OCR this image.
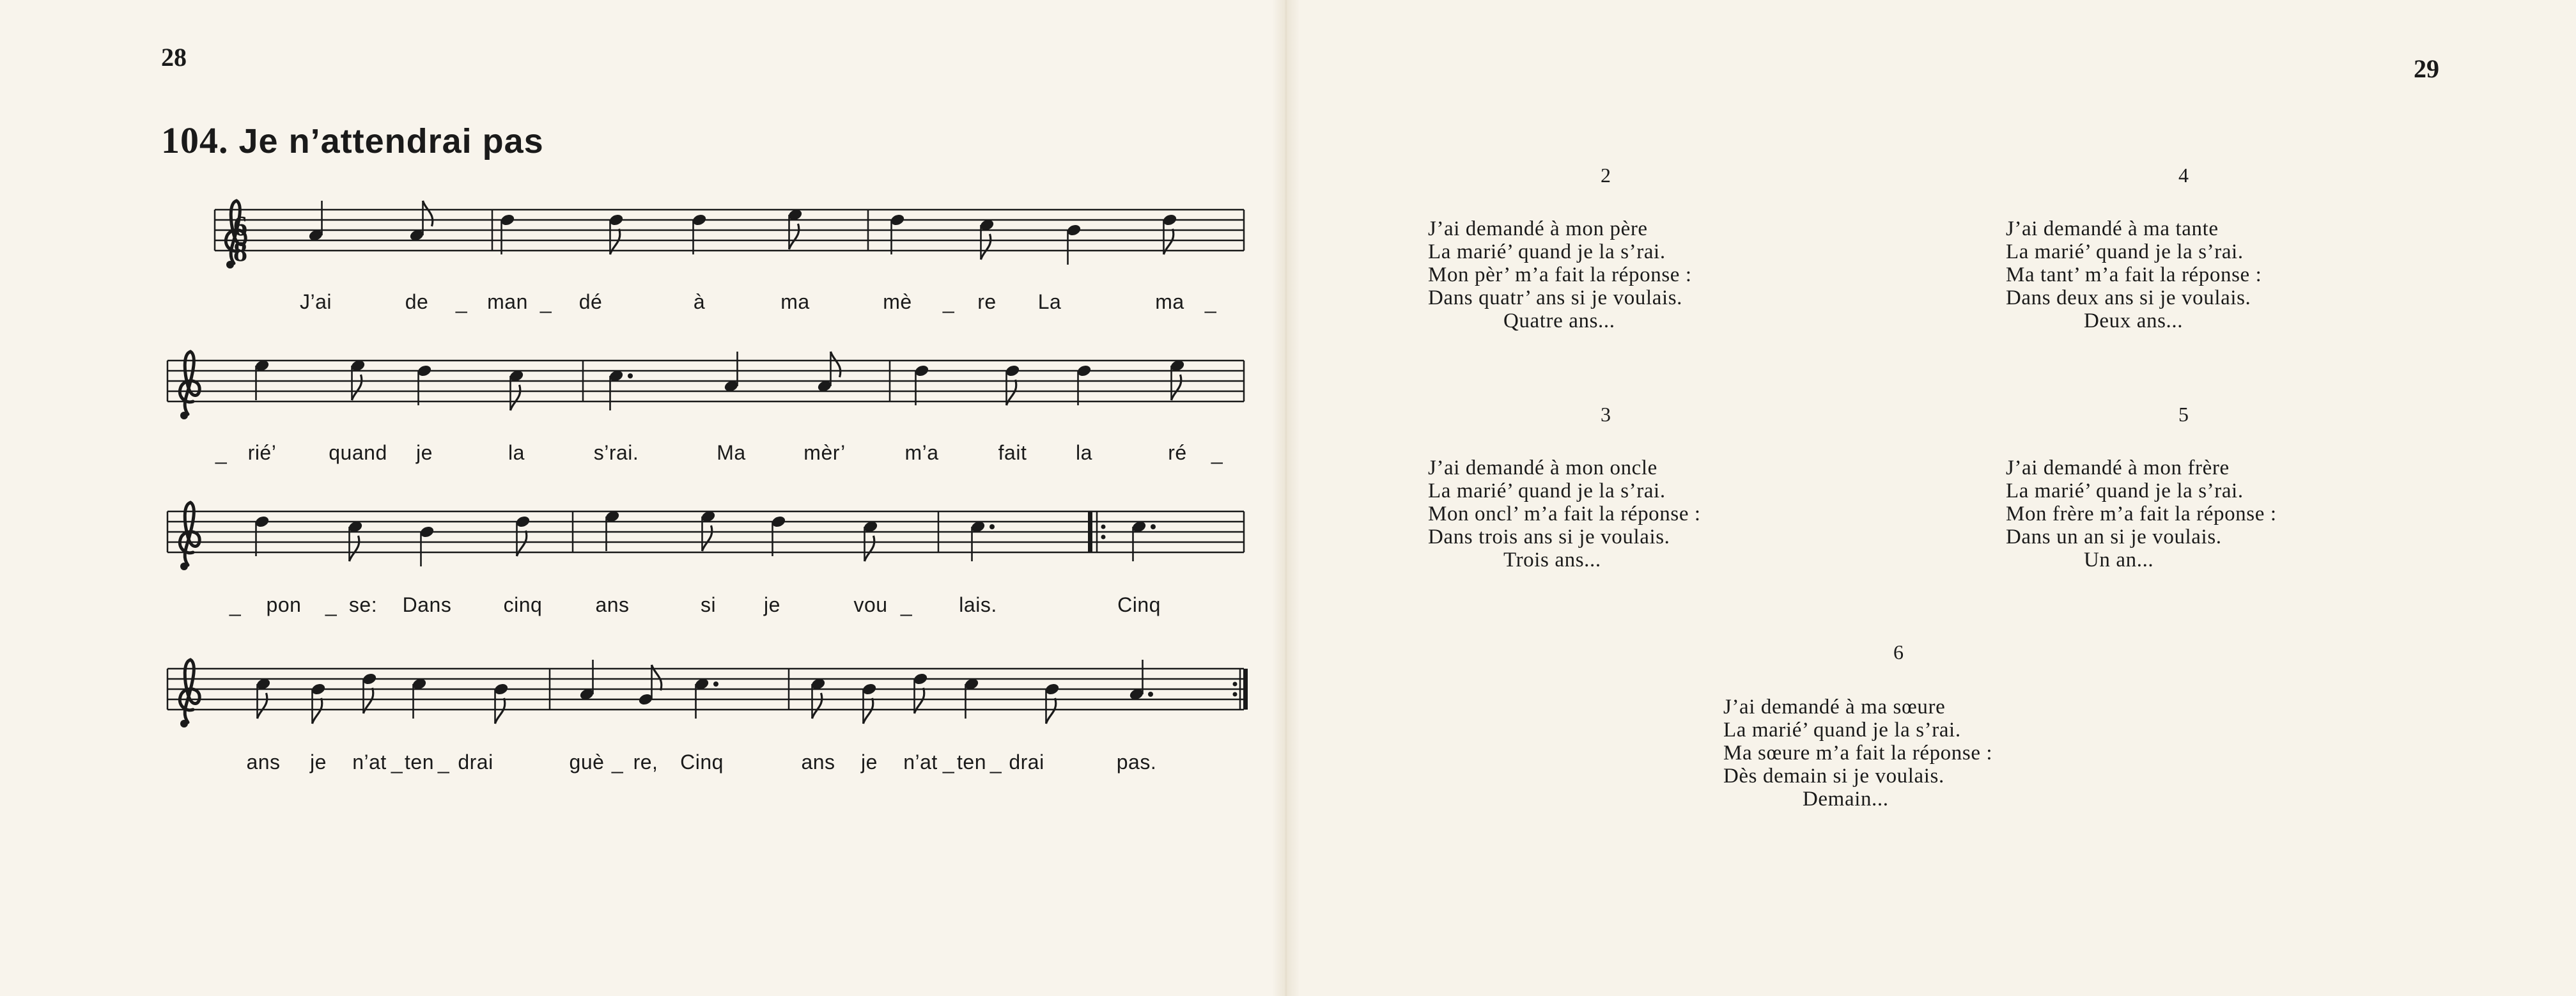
28	29
104. Je n’attendrai pas
6
8
J’ai	de _ man _ dé	à	ma	mè _ re La	ma _
_ rié’	quand je	la	s’rai.	Ma	mèr’	m’a	fait la	ré _
_ pon _ se: Dans	cinq	ans	si je	vou _ lais.	Cinq
ans je n’at _ ten _ drai	guè _ re, Cinq	ans je n’at _ ten _ drai	pas.
2
J’ai demandé à mon père
La marié’ quand je la s’rai.
Mon pèr’ m’a fait la réponse :
Dans quatr’ ans si je voulais.
Quatre ans...
3
J’ai demandé à mon oncle
La marié’ quand je la s’rai.
Mon oncl’ m’a fait la réponse :
Dans trois ans si je voulais.
Trois ans...
4
J’ai demandé à ma tante
La marié’ quand je la s’rai.
Ma tant’ m’a fait la réponse :
Dans deux ans si je voulais.
Deux ans...
5
J’ai demandé à mon frère
La marié’ quand je la s’rai.
Mon frère m’a fait la réponse :
Dans un an si je voulais.
Un an...
6
J’ai demandé à ma sœure
La marié’ quand je la s’rai.
Ma sœure m’a fait la réponse :
Dès demain si je voulais.
Demain...
